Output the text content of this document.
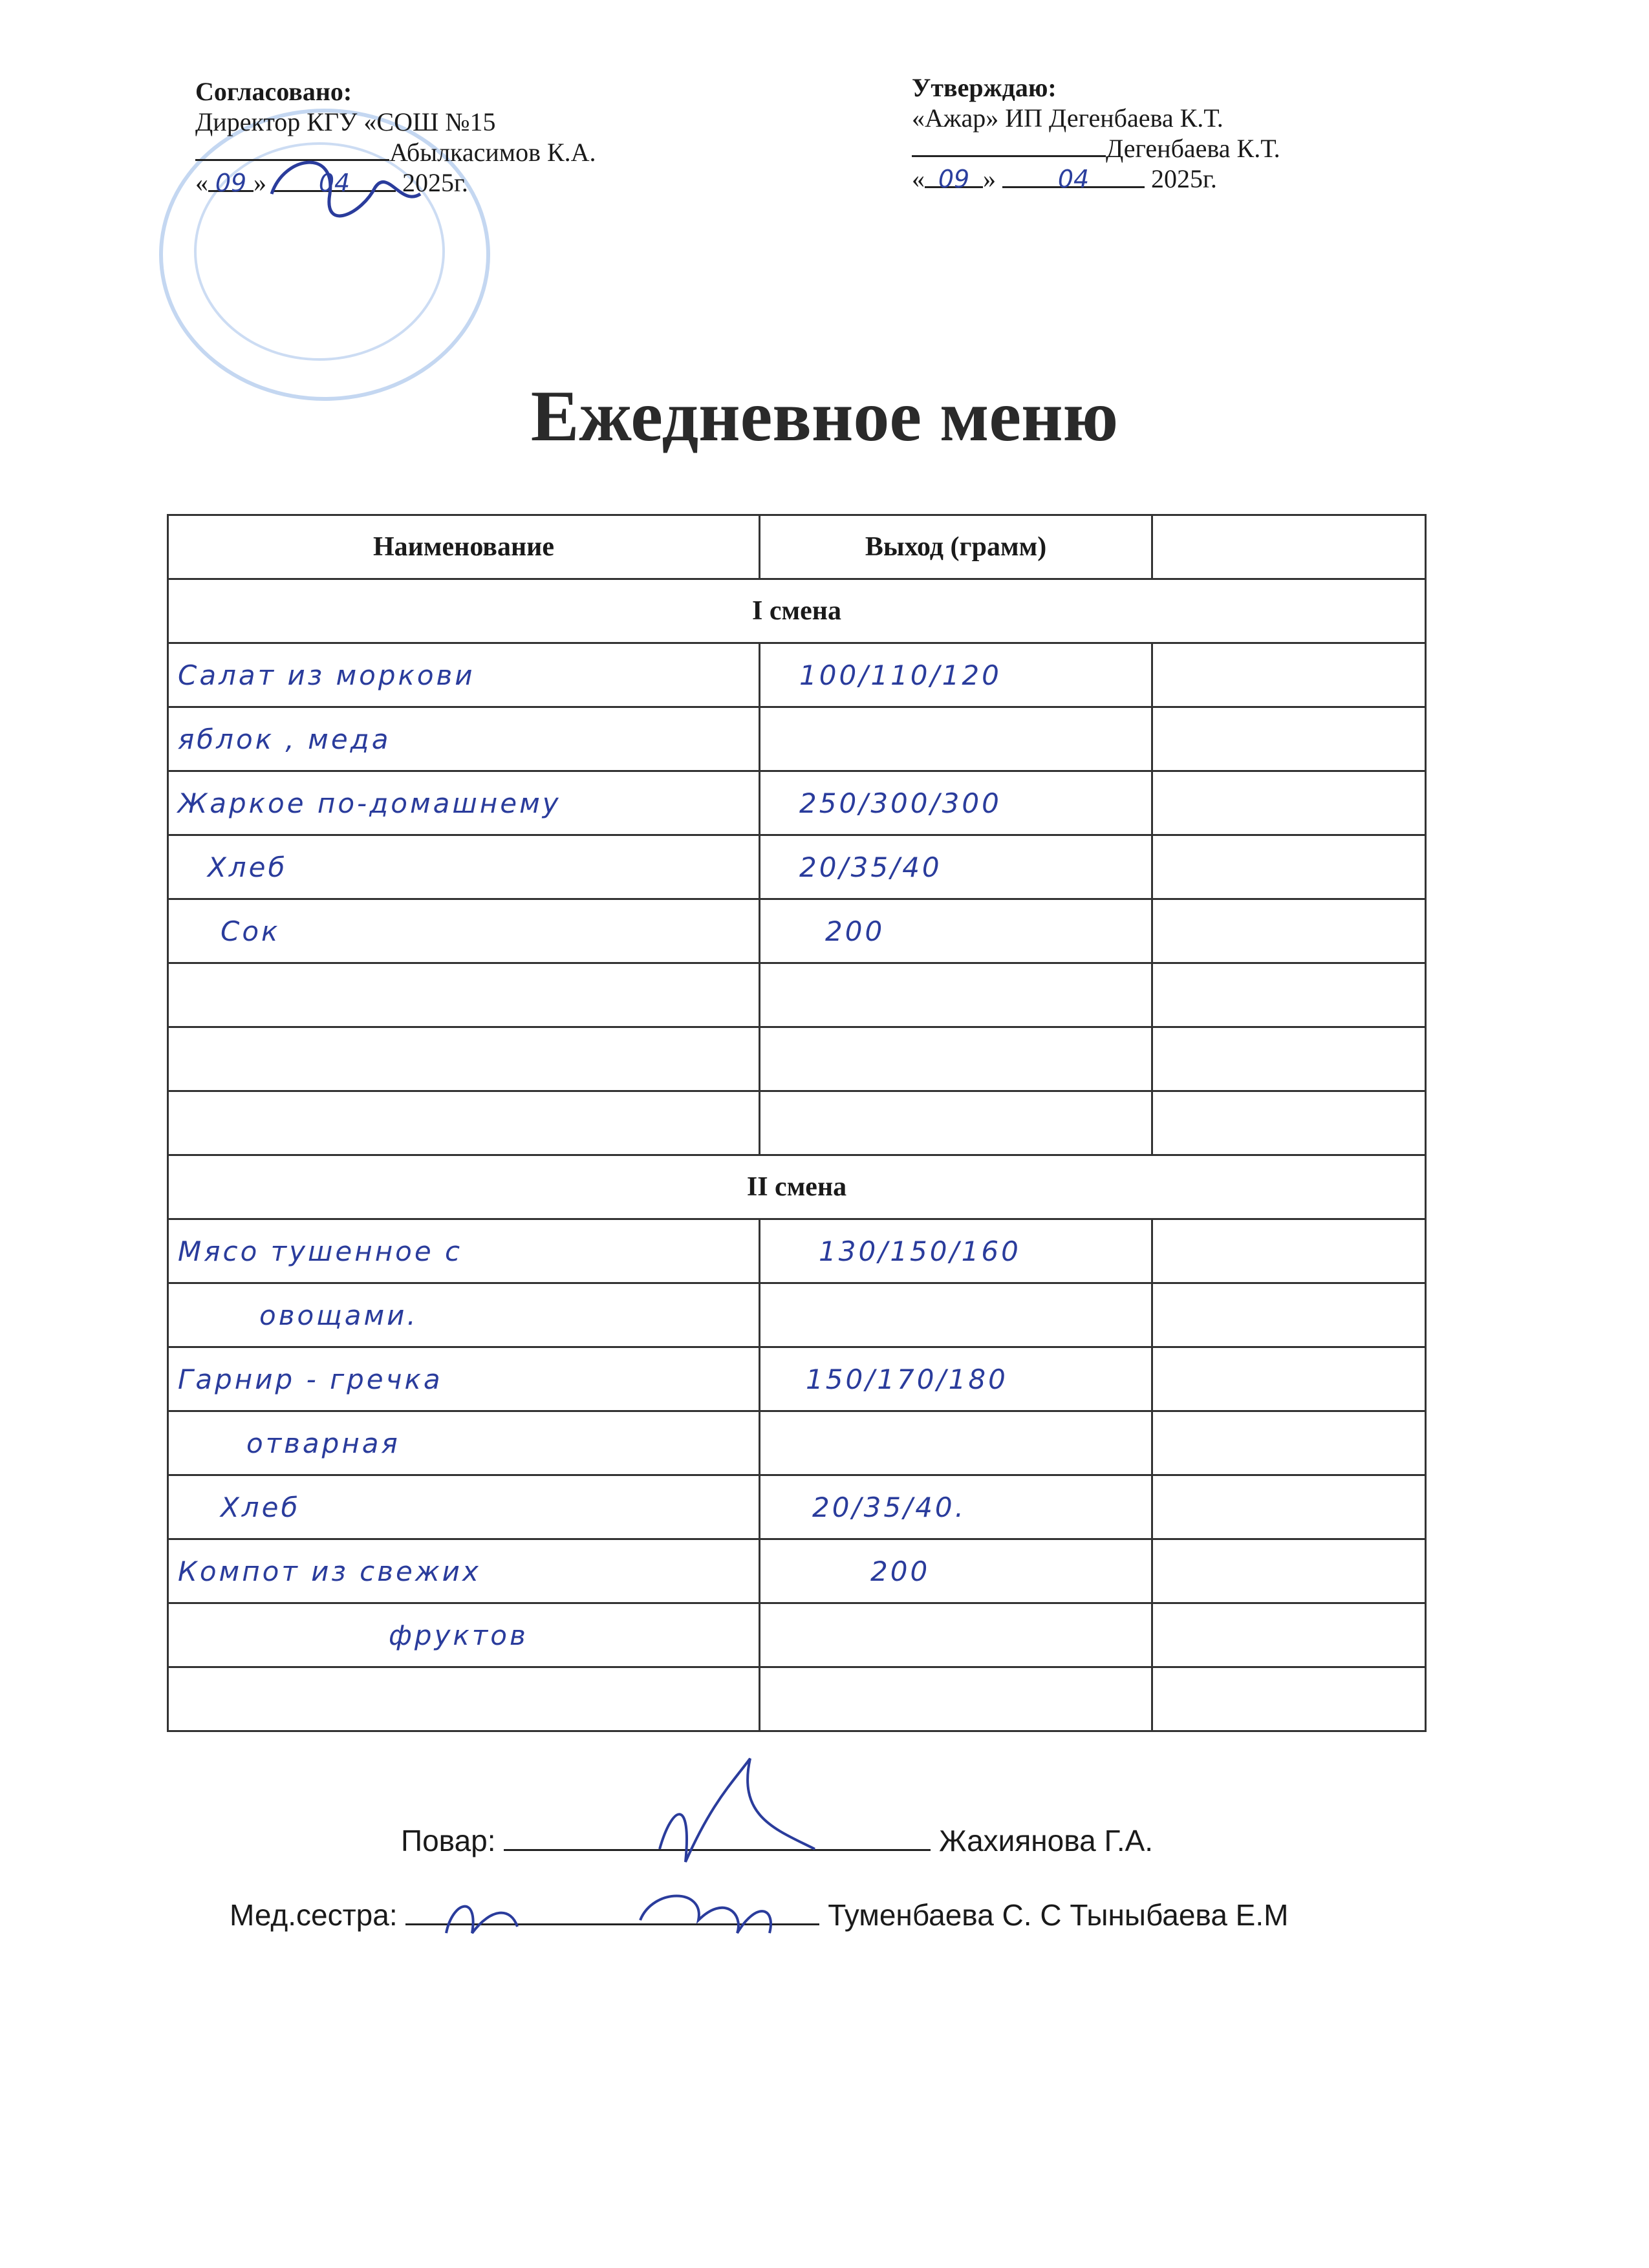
Согласовано:
Директор КГУ «СОШ №15
Абылкасимов К.А.
« 09 » 04 2025г.
Утверждаю:
«Ажар» ИП Дегенбаева К.Т.
Дегенбаева К.Т.
« 09 »	04 2025г.
Ежедневное меню
Наименование	Выход (грамм)	
I смена		
Салат из моркови	100/110/120	
яблок , меда		
Жаркое по-домашнему	250/300/300	
Хлеб	20/35/40	
Сок	200	

II смена		
Мясо тушенное с	130/150/160	
овощами.		
Гарнир - гречка	150/170/180	
отварная		
Хлеб	20/35/40.	
Компот из свежих	200	
фруктов		

Повар:	Жахиянова Г.А.
Мед.сестра:	Туменбаева С. С Тыныбаева Е.М
